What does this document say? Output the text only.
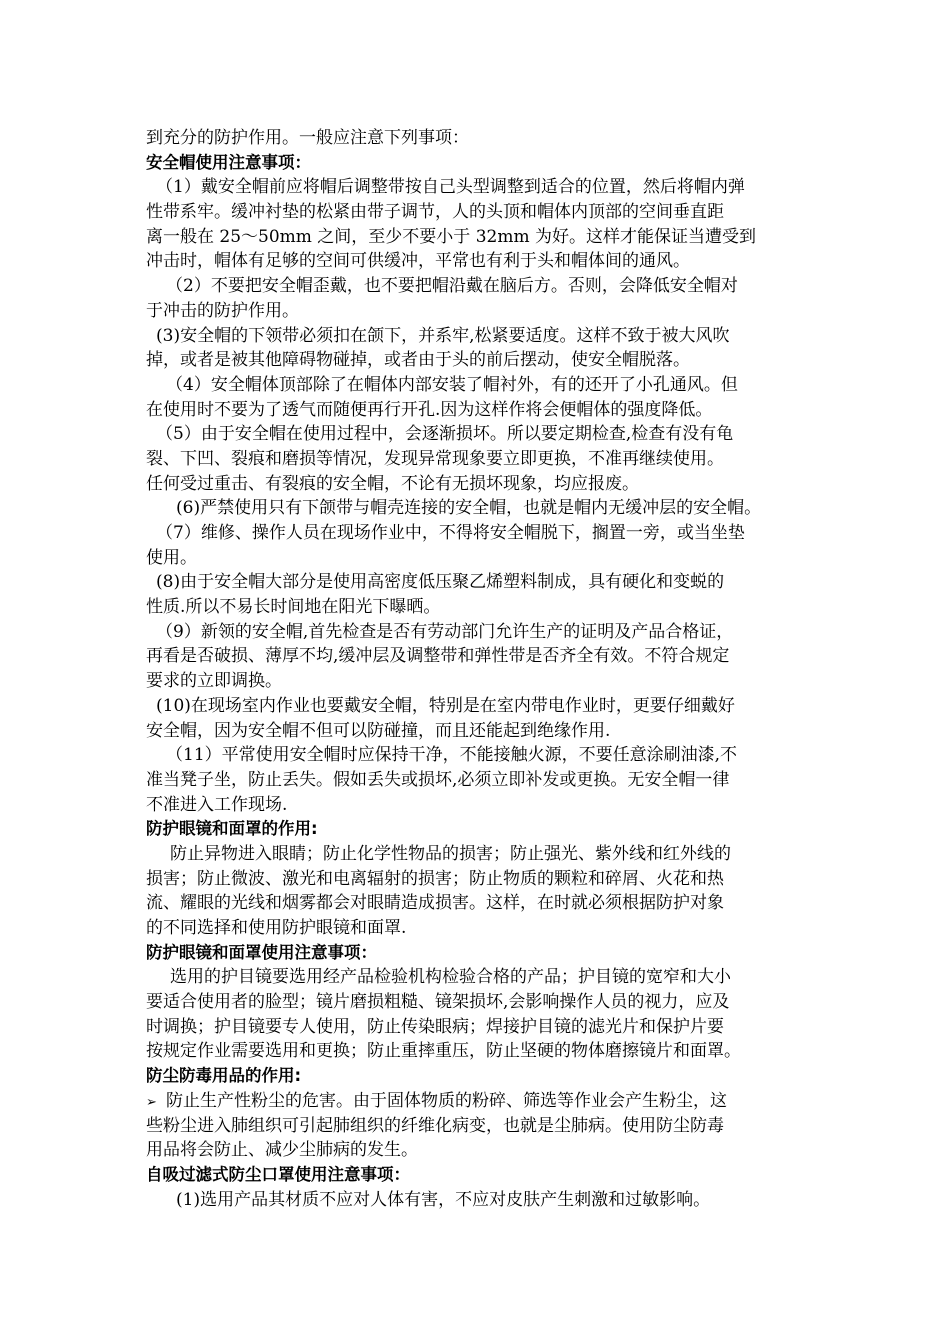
到充分的防护作用。一般应注意下列事项：
安全帽使用注意事项：
（1）戴安全帽前应将帽后调整带按自己头型调整到适合的位置，然后将帽内弹
性带系牢。缓冲衬垫的松紧由带子调节，人的头顶和帽体内顶部的空间垂直距
离一般在 25～50mm 之间，至少不要小于 32mm 为好。这样才能保证当遭受到
冲击时，帽体有足够的空间可供缓冲，平常也有利于头和帽体间的通风。
（2）不要把安全帽歪戴，也不要把帽沿戴在脑后方。否则，会降低安全帽对
于冲击的防护作用。
(3)安全帽的下领带必须扣在颌下，并系牢,松紧要适度。这样不致于被大风吹
掉，或者是被其他障碍物碰掉，或者由于头的前后摆动，使安全帽脱落。
（4）安全帽体顶部除了在帽体内部安装了帽衬外，有的还开了小孔通风。但
在使用时不要为了透气而随便再行开孔.因为这样作将会便帽体的强度降低。
（5）由于安全帽在使用过程中，会逐渐损坏。所以要定期检查,检查有没有龟
裂、下凹、裂痕和磨损等情况，发现异常现象要立即更换，不准再继续使用。
任何受过重击、有裂痕的安全帽，不论有无损坏现象，均应报废。
(6)严禁使用只有下颌带与帽壳连接的安全帽，也就是帽内无缓冲层的安全帽。
（7）维修、操作人员在现场作业中，不得将安全帽脱下，搁置一旁，或当坐垫
使用。
(8)由于安全帽大部分是使用高密度低压聚乙烯塑料制成，具有硬化和变蜕的
性质.所以不易长时间地在阳光下曝晒。
（9）新领的安全帽,首先检查是否有劳动部门允许生产的证明及产品合格证，
再看是否破损、薄厚不均,缓冲层及调整带和弹性带是否齐全有效。不符合规定
要求的立即调换。
(10)在现场室内作业也要戴安全帽，特别是在室内带电作业时，更要仔细戴好
安全帽，因为安全帽不但可以防碰撞，而且还能起到绝缘作用.
（11）平常使用安全帽时应保持干净，不能接触火源，不要任意涂刷油漆,不
准当凳子坐，防止丢失。假如丢失或损坏,必须立即补发或更换。无安全帽一律
不准进入工作现场.
防护眼镜和面罩的作用:
防止异物进入眼睛；防止化学性物品的损害；防止强光、紫外线和红外线的
损害；防止微波、激光和电离辐射的损害；防止物质的颗粒和碎屑、火花和热
流、耀眼的光线和烟雾都会对眼睛造成损害。这样，在时就必须根据防护对象
的不同选择和使用防护眼镜和面罩.
防护眼镜和面罩使用注意事项：
选用的护目镜要选用经产品检验机构检验合格的产品；护目镜的宽窄和大小
要适合使用者的脸型；镜片磨损粗糙、镜架损坏,会影响操作人员的视力，应及
时调换；护目镜要专人使用，防止传染眼病；焊接护目镜的滤光片和保护片要
按规定作业需要选用和更换；防止重摔重压，防止坚硬的物体磨擦镜片和面罩。
防尘防毒用品的作用:
➢ 防止生产性粉尘的危害。由于固体物质的粉碎、筛选等作业会产生粉尘，这
些粉尘进入肺组织可引起肺组织的纤维化病变，也就是尘肺病。使用防尘防毒
用品将会防止、减少尘肺病的发生。
自吸过滤式防尘口罩使用注意事项：
(1)选用产品其材质不应对人体有害，不应对皮肤产生刺激和过敏影响。
